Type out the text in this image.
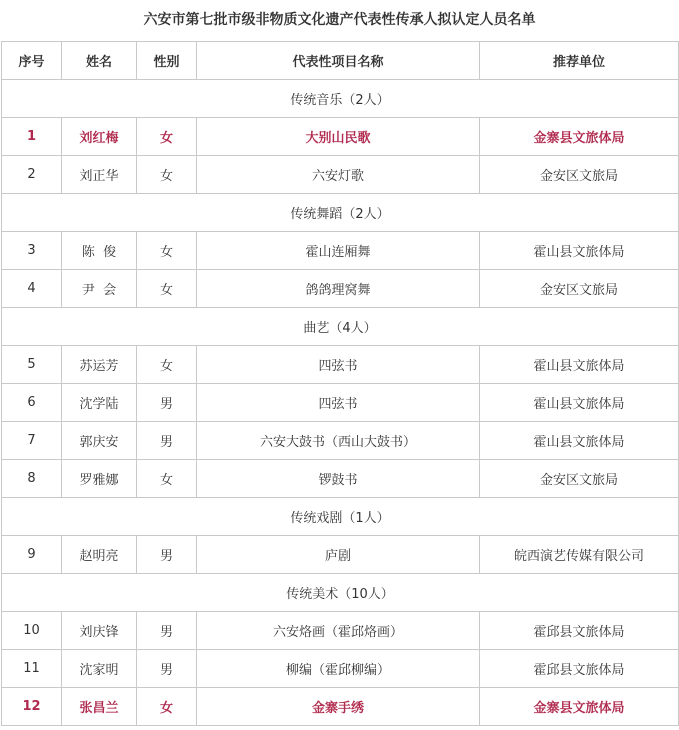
六安市第七批市级非物质文化遗产代表性传承人拟认定人员名单
序号	姓名	性别	代表性项目名称	推荐单位
传统音乐（2人）				
1	刘红梅	女	大别山民歌	金寨县文旅体局
2	刘正华	女	六安灯歌	金安区文旅局
传统舞蹈（2人）				
3	陈  俊	女	霍山连厢舞	霍山县文旅体局
4	尹  会	女	鸽鸽理窝舞	金安区文旅局
曲艺（4人）				
5	苏运芳	女	四弦书	霍山县文旅体局
6	沈学陆	男	四弦书	霍山县文旅体局
7	郭庆安	男	六安大鼓书（西山大鼓书）	霍山县文旅体局
8	罗雅娜	女	锣鼓书	金安区文旅局
传统戏剧（1人）				
9	赵明亮	男	庐剧	皖西演艺传媒有限公司
传统美术（10人）				
10	刘庆锋	男	六安烙画（霍邱烙画）	霍邱县文旅体局
11	沈家明	男	柳编（霍邱柳编）	霍邱县文旅体局
12	张昌兰	女	金寨手绣	金寨县文旅体局
